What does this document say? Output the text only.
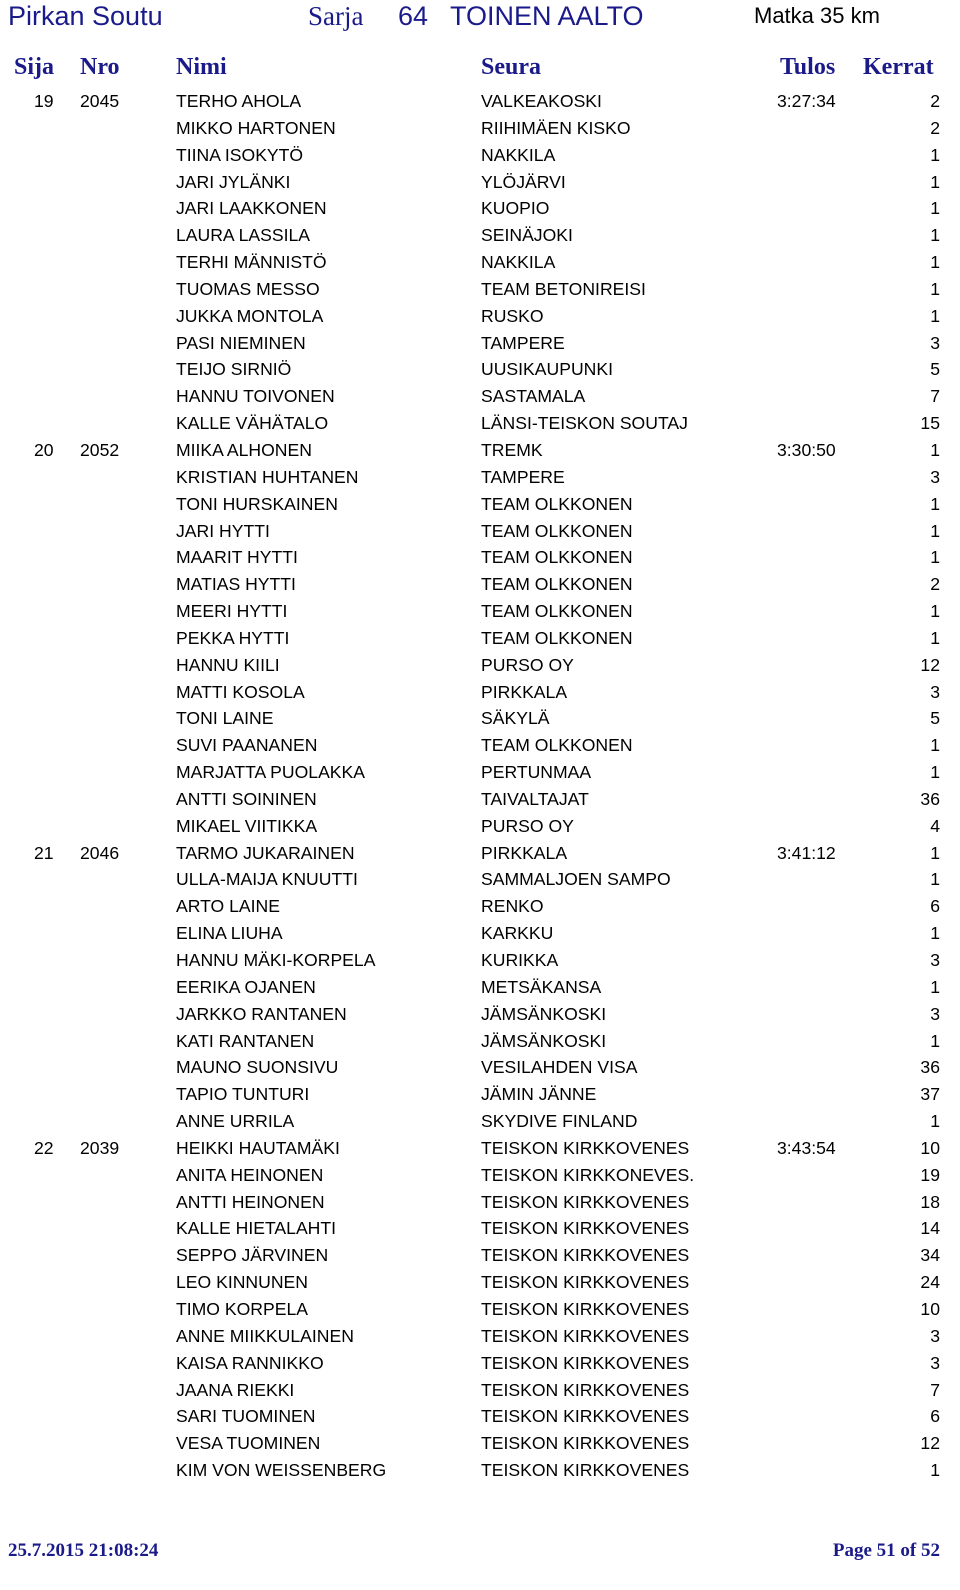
Pirkan Soutu	Sarja 64 TOINEN AALTO	Matka 35 km
Sija Nro Nimi	Seura	Tulos Kerrat
19 2045	TERHO AHOLA	VALKEAKOSKI	3:27:34	2
MIKKO HARTONEN	RIIHIMÄEN KISKO	2
TIINA ISOKYTÖ	NAKKILA	1
JARI JYLÄNKI	YLÖJÄRVI	1
JARI LAAKKONEN	KUOPIO	1
LAURA LASSILA	SEINÄJOKI	1
TERHI MÄNNISTÖ	NAKKILA	1
TUOMAS MESSO	TEAM BETONIREISI	1
JUKKA MONTOLA	RUSKO	1
PASI NIEMINEN	TAMPERE	3
TEIJO SIRNIÖ	UUSIKAUPUNKI	5
HANNU TOIVONEN	SASTAMALA	7
KALLE VÄHÄTALO	LÄNSI-TEISKON SOUTAJ	15
20 2052	MIIKA ALHONEN	TREMK	3:30:50	1
KRISTIAN HUHTANEN	TAMPERE	3
TONI HURSKAINEN	TEAM OLKKONEN	1
JARI HYTTI	TEAM OLKKONEN	1
MAARIT HYTTI	TEAM OLKKONEN	1
MATIAS HYTTI	TEAM OLKKONEN	2
MEERI HYTTI	TEAM OLKKONEN	1
PEKKA HYTTI	TEAM OLKKONEN	1
HANNU KIILI	PURSO OY	12
MATTI KOSOLA	PIRKKALA	3
TONI LAINE	SÄKYLÄ	5
SUVI PAANANEN	TEAM OLKKONEN	1
MARJATTA PUOLAKKA	PERTUNMAA	1
ANTTI SOININEN	TAIVALTAJAT	36
MIKAEL VIITIKKA	PURSO OY	4
21 2046	TARMO JUKARAINEN	PIRKKALA	3:41:12	1
ULLA-MAIJA KNUUTTI	SAMMALJOEN SAMPO	1
ARTO LAINE	RENKO	6
ELINA LIUHA	KARKKU	1
HANNU MÄKI-KORPELA	KURIKKA	3
EERIKA OJANEN	METSÄKANSA	1
JARKKO RANTANEN	JÄMSÄNKOSKI	3
KATI RANTANEN	JÄMSÄNKOSKI	1
MAUNO SUONSIVU	VESILAHDEN VISA	36
TAPIO TUNTURI	JÄMIN JÄNNE	37
ANNE URRILA	SKYDIVE FINLAND	1
22 2039	HEIKKI HAUTAMÄKI	TEISKON KIRKKOVENES	3:43:54	10
ANITA HEINONEN	TEISKON KIRKKONEVES.	19
ANTTI HEINONEN	TEISKON KIRKKOVENES	18
KALLE HIETALAHTI	TEISKON KIRKKOVENES	14
SEPPO JÄRVINEN	TEISKON KIRKKOVENES	34
LEO KINNUNEN	TEISKON KIRKKOVENES	24
TIMO KORPELA	TEISKON KIRKKOVENES	10
ANNE MIIKKULAINEN	TEISKON KIRKKOVENES	3
KAISA RANNIKKO	TEISKON KIRKKOVENES	3
JAANA RIEKKI	TEISKON KIRKKOVENES	7
SARI TUOMINEN	TEISKON KIRKKOVENES	6
VESA TUOMINEN	TEISKON KIRKKOVENES	12
KIM VON WEISSENBERG	TEISKON KIRKKOVENES	1
25.7.2015 21:08:24	Page 51 of 52
